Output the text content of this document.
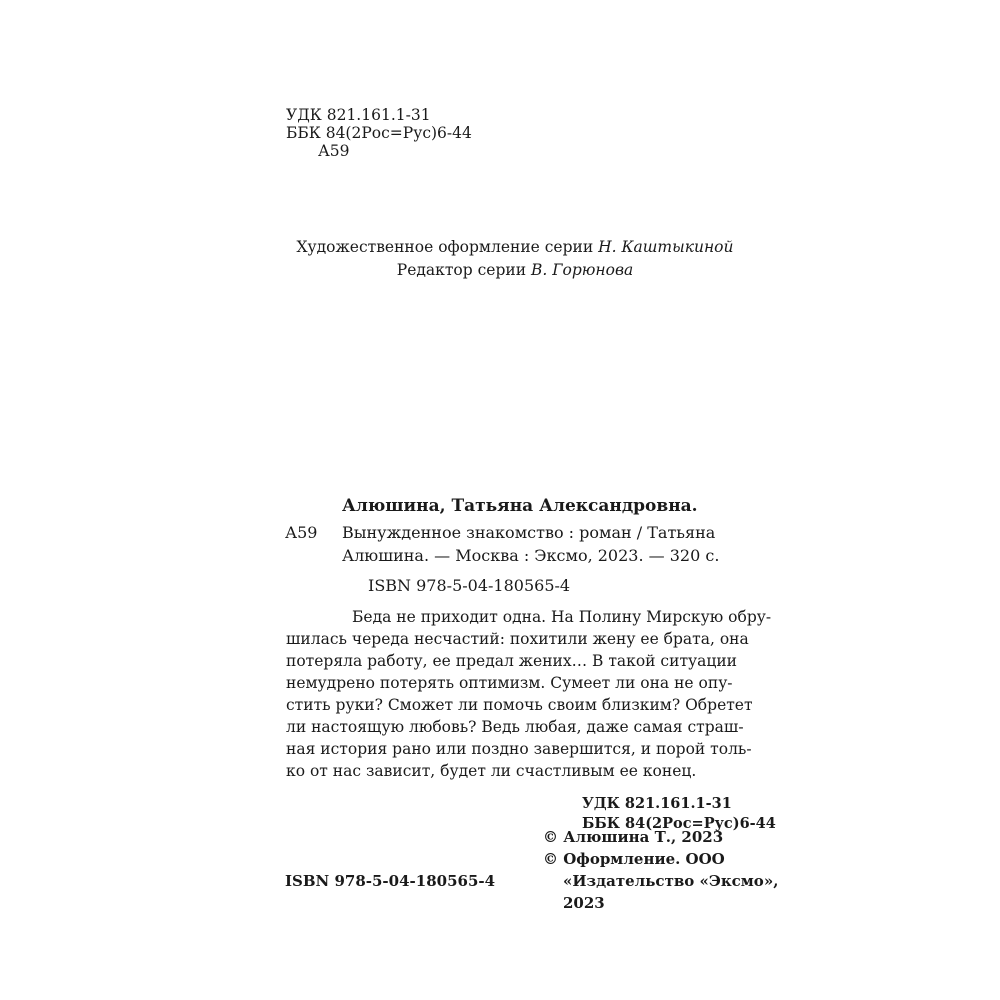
УДК 821.161.1-31
ББК 84(2Рос=Рус)6-44
А59
Художественное оформление серии Н. Каштыкиной
Редактор серии В. Горюнова
Алюшина, Татьяна Александровна.
А59 Вынужденное знакомство : роман / Татьяна
Алюшина. — Москва : Эксмо, 2023. — 320 с.
ISBN 978-5-04-180565-4
Беда не приходит одна. На Полину Мирскую обру-
шилась череда несчастий: похитили жену ее брата, она
потеряла работу, ее предал жених… В такой ситуации
немудрено потерять оптимизм. Сумеет ли она не опу-
стить руки? Сможет ли помочь своим близким? Обретет
ли настоящую любовь? Ведь любая, даже самая страш-
ная история рано или поздно завершится, и порой толь-
ко от нас зависит, будет ли счастливым ее конец.
УДК 821.161.1-31
ББК 84(2Рос=Рус)6-44
© Алюшина Т., 2023
© Оформление. ООО
«Издательство «Эксмо»,
2023
ISBN 978-5-04-180565-4
